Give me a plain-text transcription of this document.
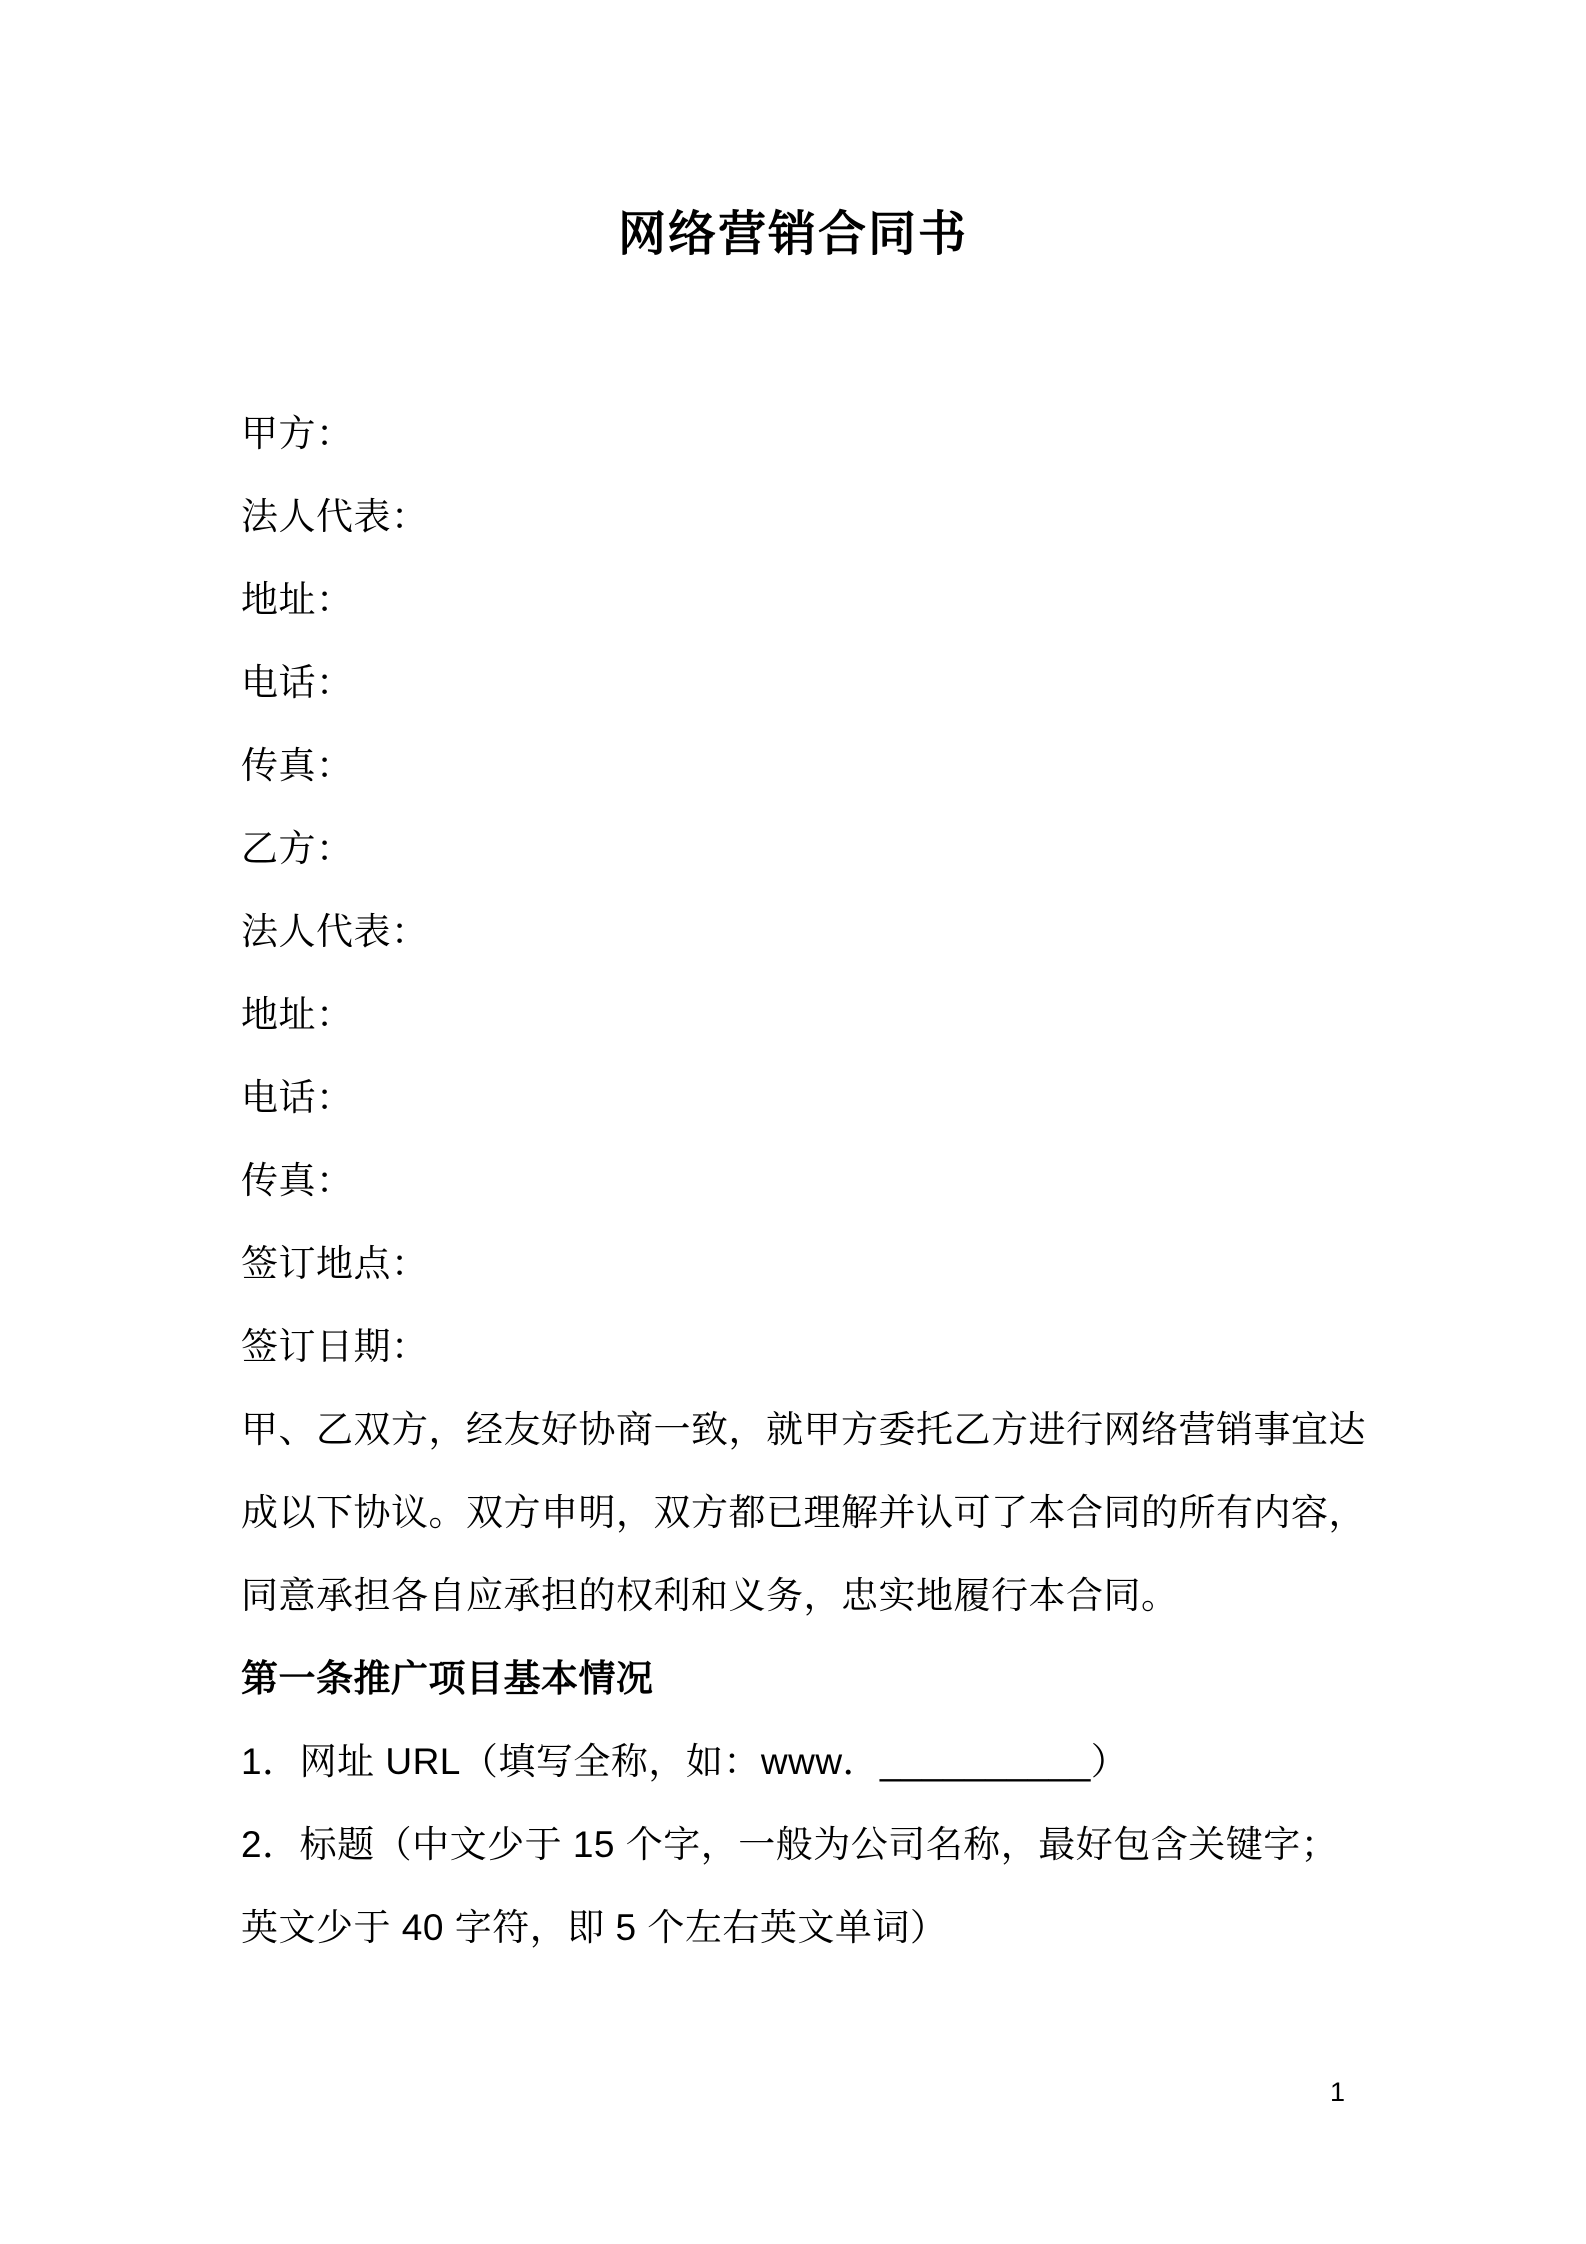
网络营销合同书

甲方：

法人代表：

地址：

电话：

传真：

乙方：

法人代表：

地址：

电话：

传真：

签订地点：

签订日期：

甲、乙双方，经友好协商一致，就甲方委托乙方进行网络营销事宜达

成以下协议。双方申明，双方都已理解并认可了本合同的所有内容，

同意承担各自应承担的权利和义务，忠实地履行本合同。

第一条推广项目基本情况

1．网址 URL（填写全称，如：www．__________）

2．标题（中文少于 15 个字，一般为公司名称，最好包含关键字；

英文少于 40 字符，即 5 个左右英文单词）

1
